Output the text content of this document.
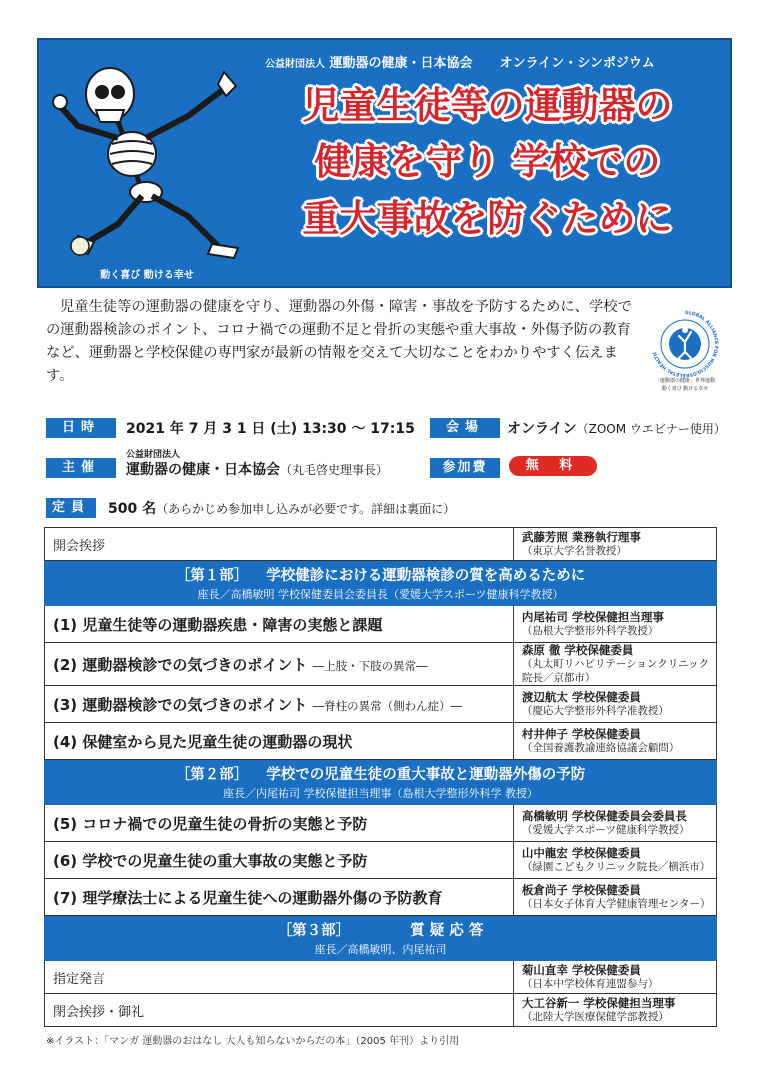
公益財団法人 運動器の健康・日本協会 オンライン・シンポジウム
児童生徒等の運動器の
健康を守り 学校での
重大事故を防ぐために
動く喜び 動ける幸せ

児童生徒等の運動器の健康を守り、運動器の外傷・障害・事故を予防するために、学校での運動器検診のポイント、コロナ禍での運動不足と骨折の実態や重大事故・外傷予防の教育など、運動器と学校保健の専門家が最新の情報を交えて大切なことをわかりやすく伝えます。

GLOBAL ALLIANCE FOR MUSCULOSKELETAL HEALTH
「運動器の健康」世界運動
動く喜び 動ける幸せ
日時	2021 年 7 月 3 1 日 (土) 13:30 〜 17:15	会場	オンライン（ZOOM ウエビナー使用）
主催
公益財団法人
運動器の健康・日本協会（丸毛啓史理事長）	参加費	無 料
定員	500 名（あらかじめ参加申し込みが必要です。詳細は裏面に）
開会挨拶	武藤芳照 業務執行理事
（東京大学名誉教授）

［第１部］ 学校健診における運動器検診の質を高めるために
座長／高橋敏明 学校保健委員会委員長（愛媛大学スポーツ健康科学教授）	

(1) 児童生徒等の運動器疾患・障害の実態と課題	内尾祐司 学校保健担当理事
（島根大学整形外科学教授）

(2) 運動器検診での気づきのポイント ―上肢・下肢の異常―	森原 徹 学校保健委員
（丸太町リハビリテーションクリニック院長／京都市）

(3) 運動器検診での気づきのポイント ―脊柱の異常（側わん症）―	渡辺航太 学校保健委員
（慶応大学整形外科学准教授）

(4) 保健室から見た児童生徒の運動器の現状	村井伸子 学校保健委員
（全国養護教諭連絡協議会顧問）

［第２部］ 学校での児童生徒の重大事故と運動器外傷の予防
座長／内尾祐司 学校保健担当理事（島根大学整形外科学 教授）	

(5) コロナ禍での児童生徒の骨折の実態と予防	高橋敏明 学校保健委員会委員長
（愛媛大学スポーツ健康科学教授）

(6) 学校での児童生徒の重大事故の実態と予防	山中龍宏 学校保健委員
（緑園こどもクリニック院長／横浜市）

(7) 理学療法士による児童生徒への運動器外傷の予防教育	板倉尚子 学校保健委員
（日本女子体育大学健康管理センター）

［第３部］ 質 疑 応 答
座長／高橋敏明、内尾祐司	

指定発言	菊山直幸 学校保健委員
（日本中学校体育連盟参与）

閉会挨拶・御礼	大工谷新一 学校保健担当理事
（北陸大学医療保健学部教授）
※イラスト：「マンガ 運動器のおはなし 大人も知らないからだの本」（2005 年刊）より引用
